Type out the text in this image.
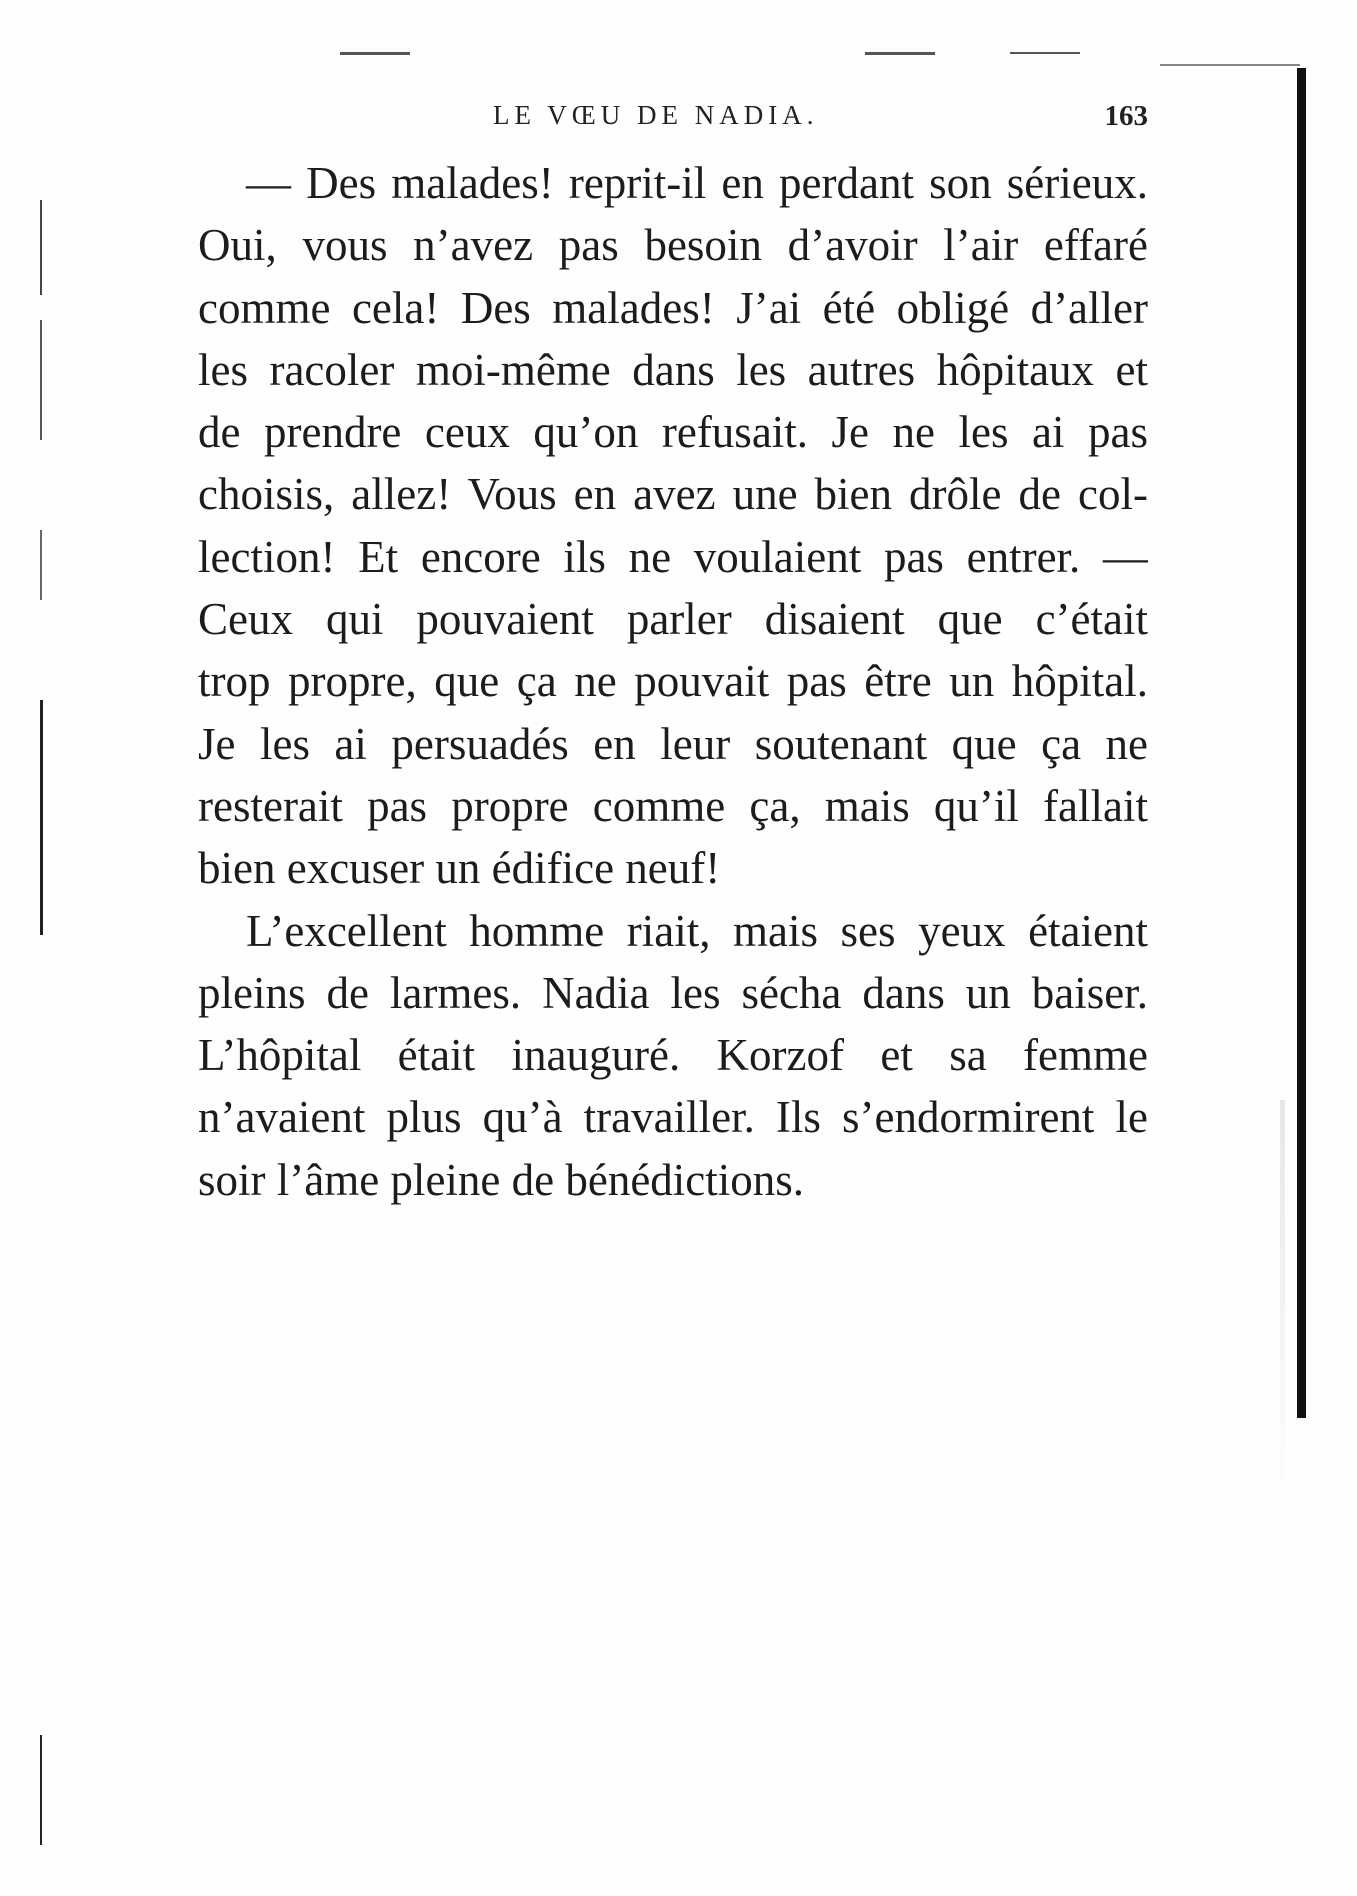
LE VŒU DE NADIA.	163
— Des malades! reprit-il en perdant son sérieux.
Oui, vous n’avez pas besoin d’avoir l’air effaré
comme cela! Des malades! J’ai été obligé d’aller
les racoler moi-même dans les autres hôpitaux et
de prendre ceux qu’on refusait. Je ne les ai pas
choisis, allez! Vous en avez une bien drôle de col-
lection! Et encore ils ne voulaient pas entrer. —
Ceux qui pouvaient parler disaient que c’était
trop propre, que ça ne pouvait pas être un hôpital.
Je les ai persuadés en leur soutenant que ça ne
resterait pas propre comme ça, mais qu’il fallait
bien excuser un édifice neuf!
L’excellent homme riait, mais ses yeux étaient
pleins de larmes. Nadia les sécha dans un baiser.
L’hôpital était inauguré. Korzof et sa femme
n’avaient plus qu’à travailler. Ils s’endormirent le
soir l’âme pleine de bénédictions.
